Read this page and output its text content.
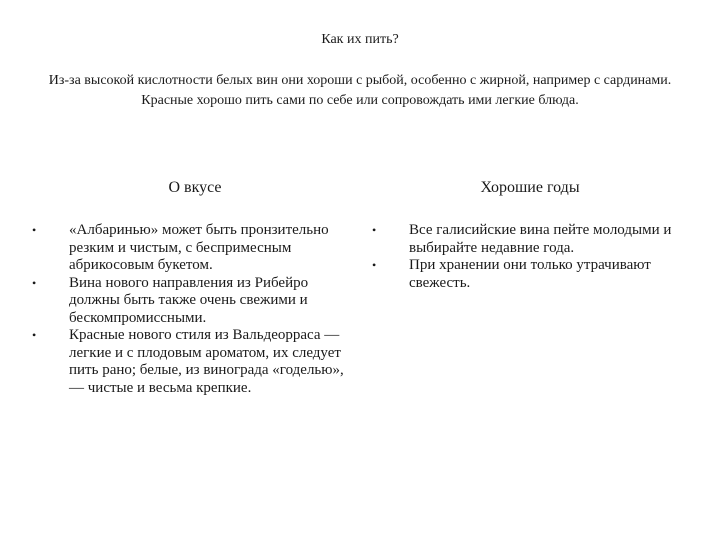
Как их пить?
Из-за высокой кислотности белых вин они хороши с рыбой, особенно с жирной, например с сардинами. Красные хорошо пить сами по себе или сопровождать ими легкие блюда.
О вкусе	Хорошие годы
• «Албаринью» может быть пронзительно резким и чистым, с беспримесным абрикосовым букетом.
• Вина нового направления из Рибейро должны быть также очень свежими и бескомпромиссными.
• Красные нового стиля из Вальдеорраса — легкие и с плодовым ароматом, их следует пить рано; белые, из винограда «годелью»,— чистые и весьма крепкие.
• Все галисийские вина пейте молодыми и выбирайте недавние года.
• При хранении они только утрачивают свежесть.
